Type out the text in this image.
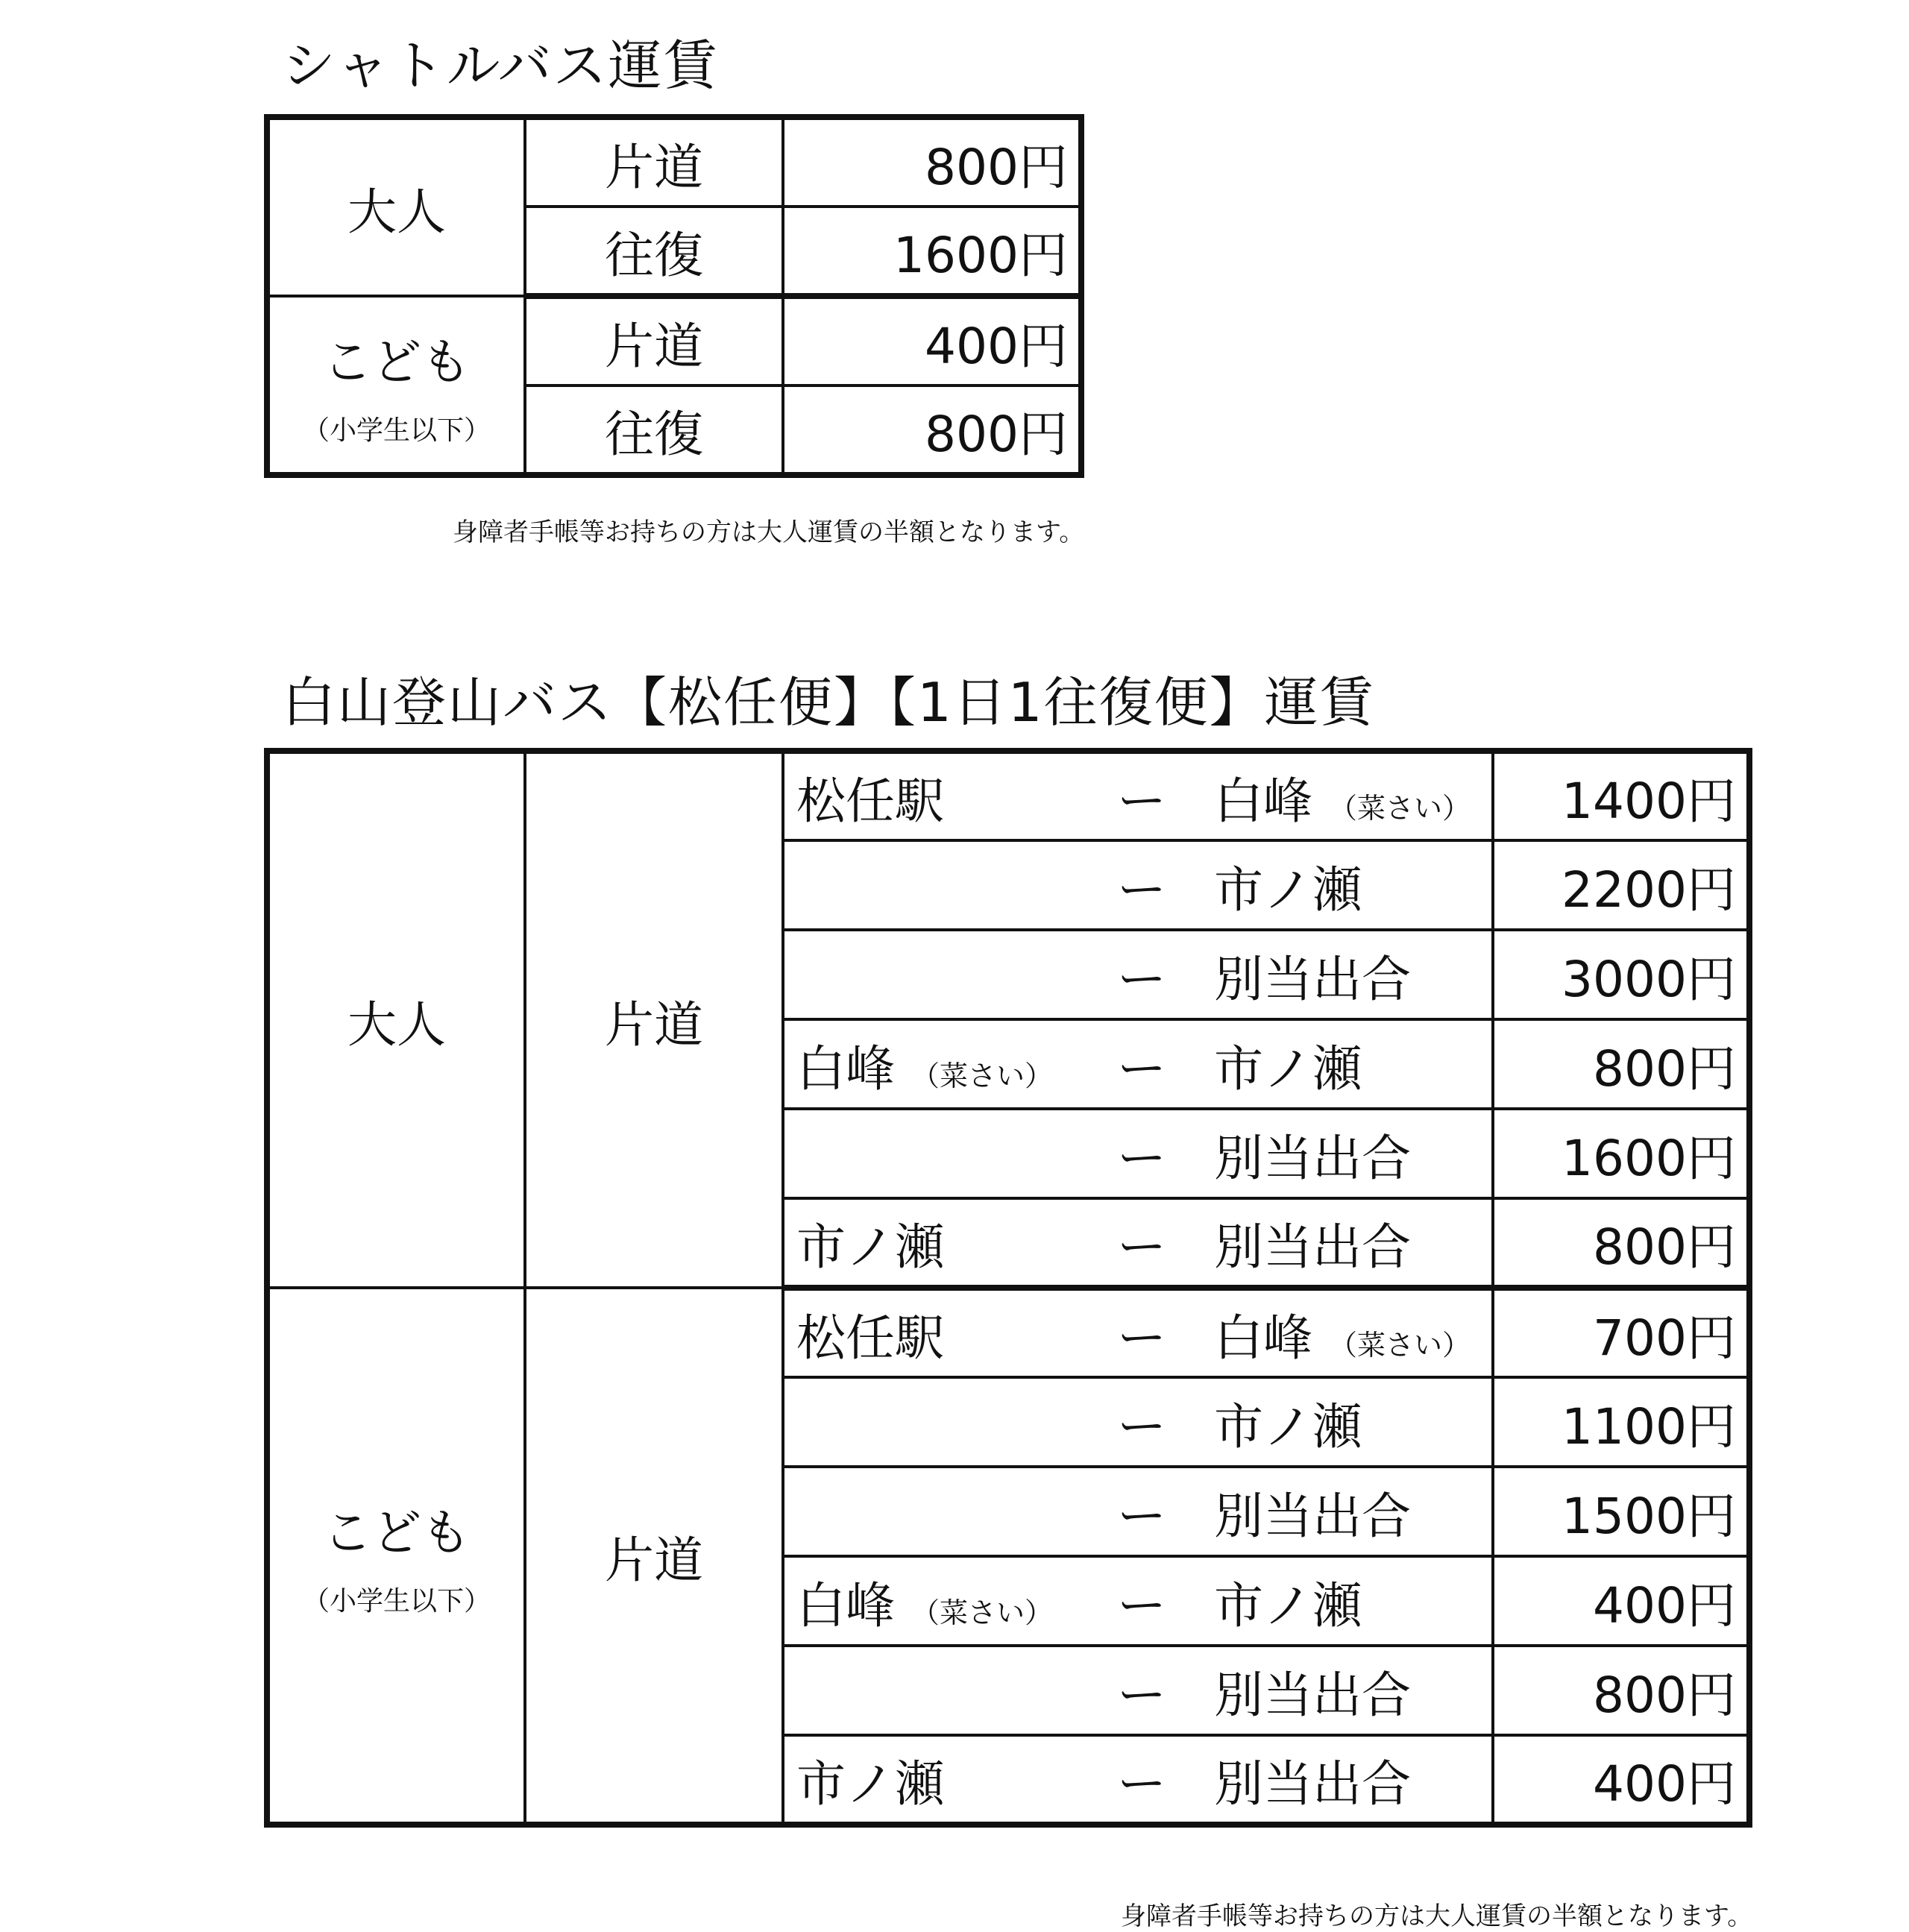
シャトルバス運賃
大人	片道	800円
	往復	1600円
こども
（小学生以下）	片道	400円
	往復	800円
身障者手帳等お持ちの方は大人運賃の半額となります。
白山登山バス【松任便】【1日1往復便】運賃
大人	片道	松任駅 ー 白峰 （菜さい）	1400円
		ー 市ノ瀬	2200円
		ー 別当出合	3000円
		白峰 （菜さい） ー 市ノ瀬	800円
		ー 別当出合	1600円
		市ノ瀬 ー 別当出合	800円
こども
（小学生以下）	片道	松任駅 ー 白峰 （菜さい）	700円
		ー 市ノ瀬	1100円
		ー 別当出合	1500円
		白峰 （菜さい） ー 市ノ瀬	400円
		ー 別当出合	800円
		市ノ瀬 ー 別当出合	400円
身障者手帳等お持ちの方は大人運賃の半額となります。
